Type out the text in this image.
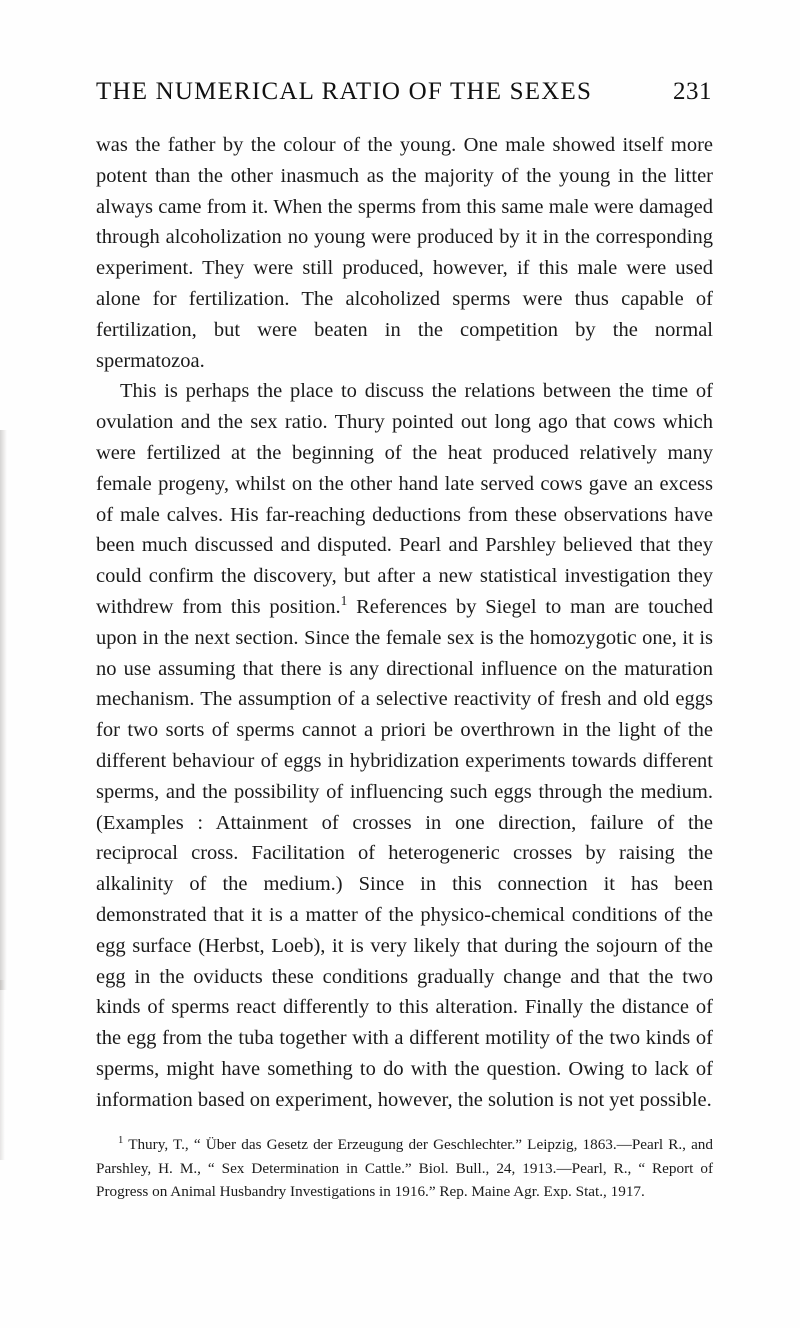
231
THE NUMERICAL RATIO OF THE SEXES

was the father by the colour of the young. One male showed itself more potent than the other inasmuch as the majority of the young in the litter always came from it. When the sperms from this same male were damaged through alcoholization no young were produced by it in the corresponding experiment. They were still produced, however, if this male were used alone for fertilization. The alcoholized sperms were thus capable of fertilization, but were beaten in the competition by the normal spermatozoa.

This is perhaps the place to discuss the relations between the time of ovulation and the sex ratio. Thury pointed out long ago that cows which were fertilized at the beginning of the heat produced relatively many female progeny, whilst on the other hand late served cows gave an excess of male calves. His far-reaching deductions from these observations have been much discussed and disputed. Pearl and Parshley believed that they could confirm the discovery, but after a new statistical investigation they withdrew from this position.$^1$ References by Siegel to man are touched upon in the next section. Since the female sex is the homozygotic one, it is no use assuming that there is any directional influence on the maturation mechanism. The assumption of a selective reactivity of fresh and old eggs for two sorts of sperms cannot a priori be overthrown in the light of the different behaviour of eggs in hybridization experiments towards different sperms, and the possibility of influencing such eggs through the medium. (Examples : Attainment of crosses in one direction, failure of the reciprocal cross. Facilitation of heterogeneric crosses by raising the alkalinity of the medium.) Since in this connection it has been demonstrated that it is a matter of the physico-chemical conditions of the egg surface (Herbst, Loeb), it is very likely that during the sojourn of the egg in the oviducts these conditions gradually change and that the two kinds of sperms react differently to this alteration. Finally the distance of the egg from the tuba together with a different motility of the two kinds of sperms, might have something to do with the question. Owing to lack of information based on experiment, however, the solution is not yet possible.

$^1$ Thury, T., “ Über das Gesetz der Erzeugung der Geschlechter.” Leipzig, 1863.—Pearl R., and Parshley, H. M., “ Sex Determination in Cattle.” Biol. Bull., 24, 1913.—Pearl, R., “ Report of Progress on Animal Husbandry Investigations in 1916.” Rep. Maine Agr. Exp. Stat., 1917.
